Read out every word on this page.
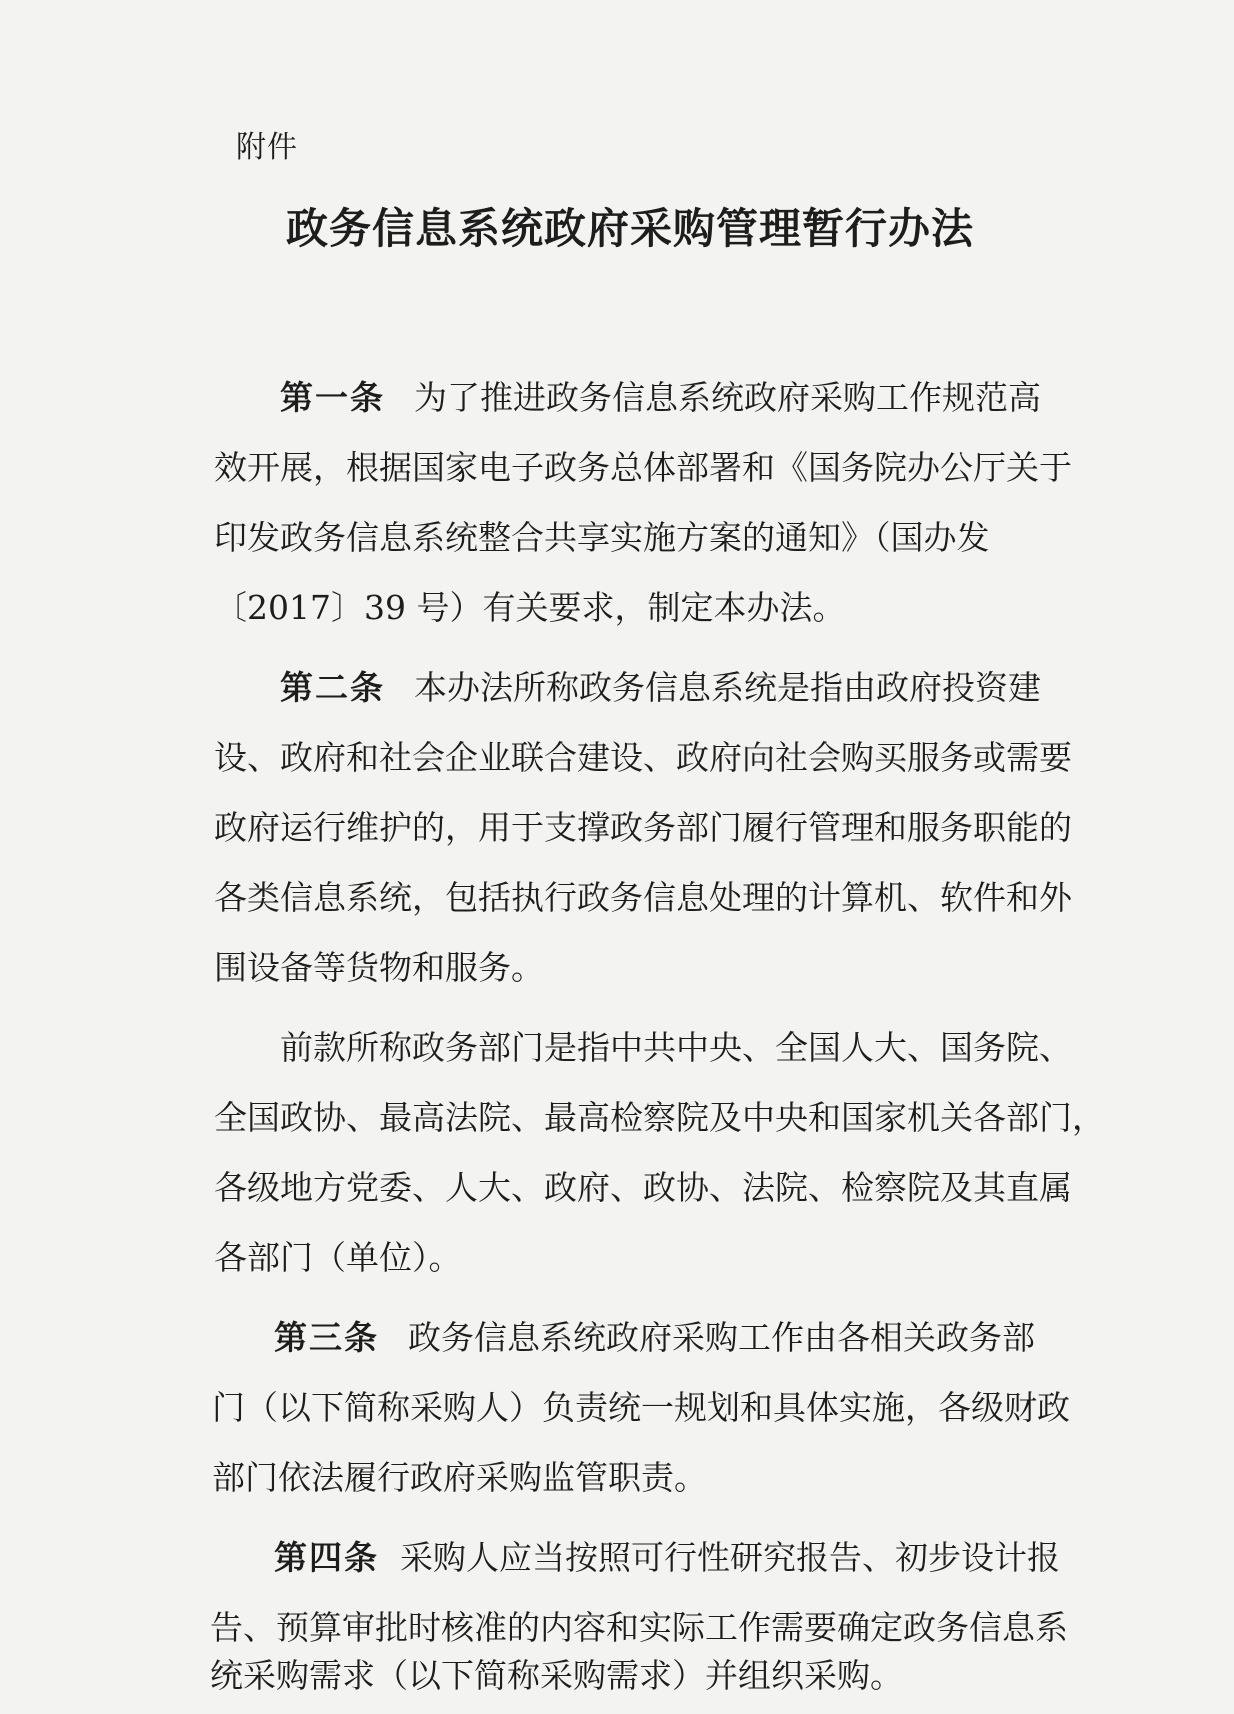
附件
政务信息系统政府采购管理暂行办法
第一条 为了推进政务信息系统政府采购工作规范高
效开展，根据国家电子政务总体部署和《国务院办公厅关于
印发政务信息系统整合共享实施方案的通知》（国办发
〔2017〕39 号）有关要求，制定本办法。
第二条 本办法所称政务信息系统是指由政府投资建
设、政府和社会企业联合建设、政府向社会购买服务或需要
政府运行维护的，用于支撑政务部门履行管理和服务职能的
各类信息系统，包括执行政务信息处理的计算机、软件和外
围设备等货物和服务。
前款所称政务部门是指中共中央、全国人大、国务院、
全国政协、最高法院、最高检察院及中央和国家机关各部门，
各级地方党委、人大、政府、政协、法院、检察院及其直属
各部门（单位）。
第三条 政务信息系统政府采购工作由各相关政务部
门（以下简称采购人）负责统一规划和具体实施，各级财政
部门依法履行政府采购监管职责。
第四条 采购人应当按照可行性研究报告、初步设计报
告、预算审批时核准的内容和实际工作需要确定政务信息系
统采购需求（以下简称采购需求）并组织采购。
